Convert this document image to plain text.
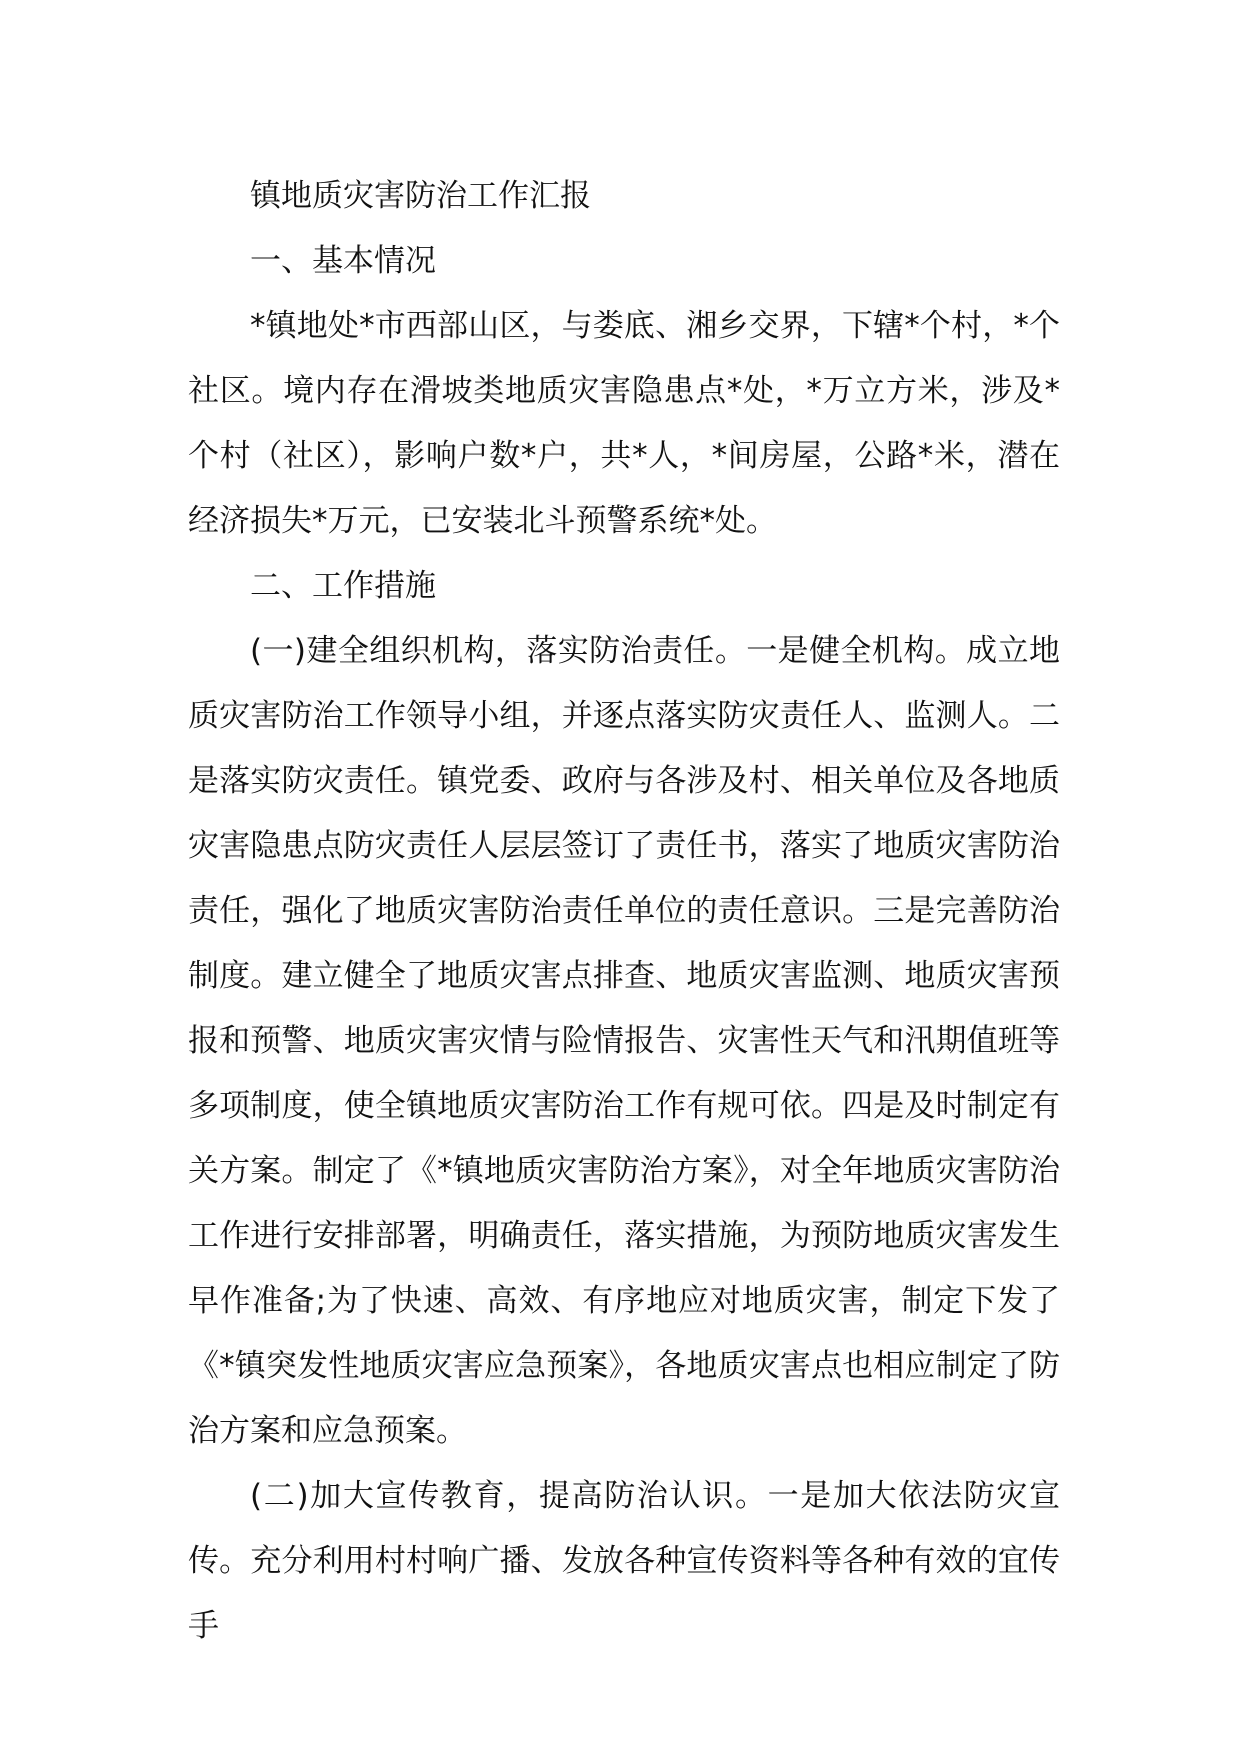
镇地质灾害防治工作汇报

一、基本情况

*镇地处*市西部山区，与娄底、湘乡交界，下辖*个村，*个社区。境内存在滑坡类地质灾害隐患点*处，*万立方米，涉及*个村（社区），影响户数*户，共*人，*间房屋，公路*米，潜在经济损失*万元，已安装北斗预警系统*处。

二、工作措施

(一)建全组织机构，落实防治责任。一是健全机构。成立地质灾害防治工作领导小组，并逐点落实防灾责任人、监测人。二是落实防灾责任。镇党委、政府与各涉及村、相关单位及各地质灾害隐患点防灾责任人层层签订了责任书，落实了地质灾害防治责任，强化了地质灾害防治责任单位的责任意识。三是完善防治制度。建立健全了地质灾害点排查、地质灾害监测、地质灾害预报和预警、地质灾害灾情与险情报告、灾害性天气和汛期值班等多项制度，使全镇地质灾害防治工作有规可依。四是及时制定有关方案。制定了《*镇地质灾害防治方案》，对全年地质灾害防治工作进行安排部署，明确责任，落实措施，为预防地质灾害发生早作准备;为了快速、高效、有序地应对地质灾害，制定下发了《*镇突发性地质灾害应急预案》，各地质灾害点也相应制定了防治方案和应急预案。

(二)加大宣传教育，提高防治认识。一是加大依法防灾宣传。充分利用村村响广播、发放各种宣传资料等各种有效的宜传手
